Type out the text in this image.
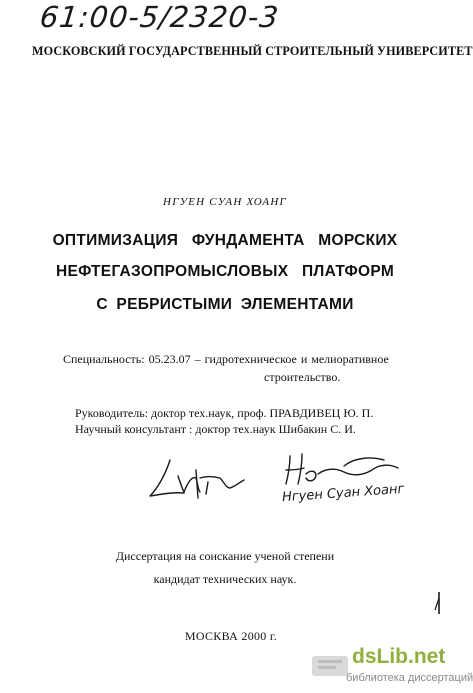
61:00-5/2320-3
МОСКОВСКИЙ ГОСУДАРСТВЕННЫЙ СТРОИТЕЛЬНЫЙ УНИВЕРСИТЕТ
НГУЕН СУАН ХОАНГ
ОПТИМИЗАЦИЯ ФУНДАМЕНТА МОРСКИХ
НЕФТЕГАЗОПРОМЫСЛОВЫХ ПЛАТФОРМ
С РЕБРИСТЫМИ ЭЛЕМЕНТАМИ
Специальность: 05.23.07 – гидротехническое и мелиоративное
строительство.
Руководитель: доктор тех.наук, проф. ПРАВДИВЕЦ Ю. П.
Научный консультант : доктор тех.наук Шибакин С. И.
Нгуен Суан Хоанг
Диссертация на соискание ученой степени
кандидат технических наук.
МОСКВА 2000 г.
dsLib.net
библиотека диссертаций
